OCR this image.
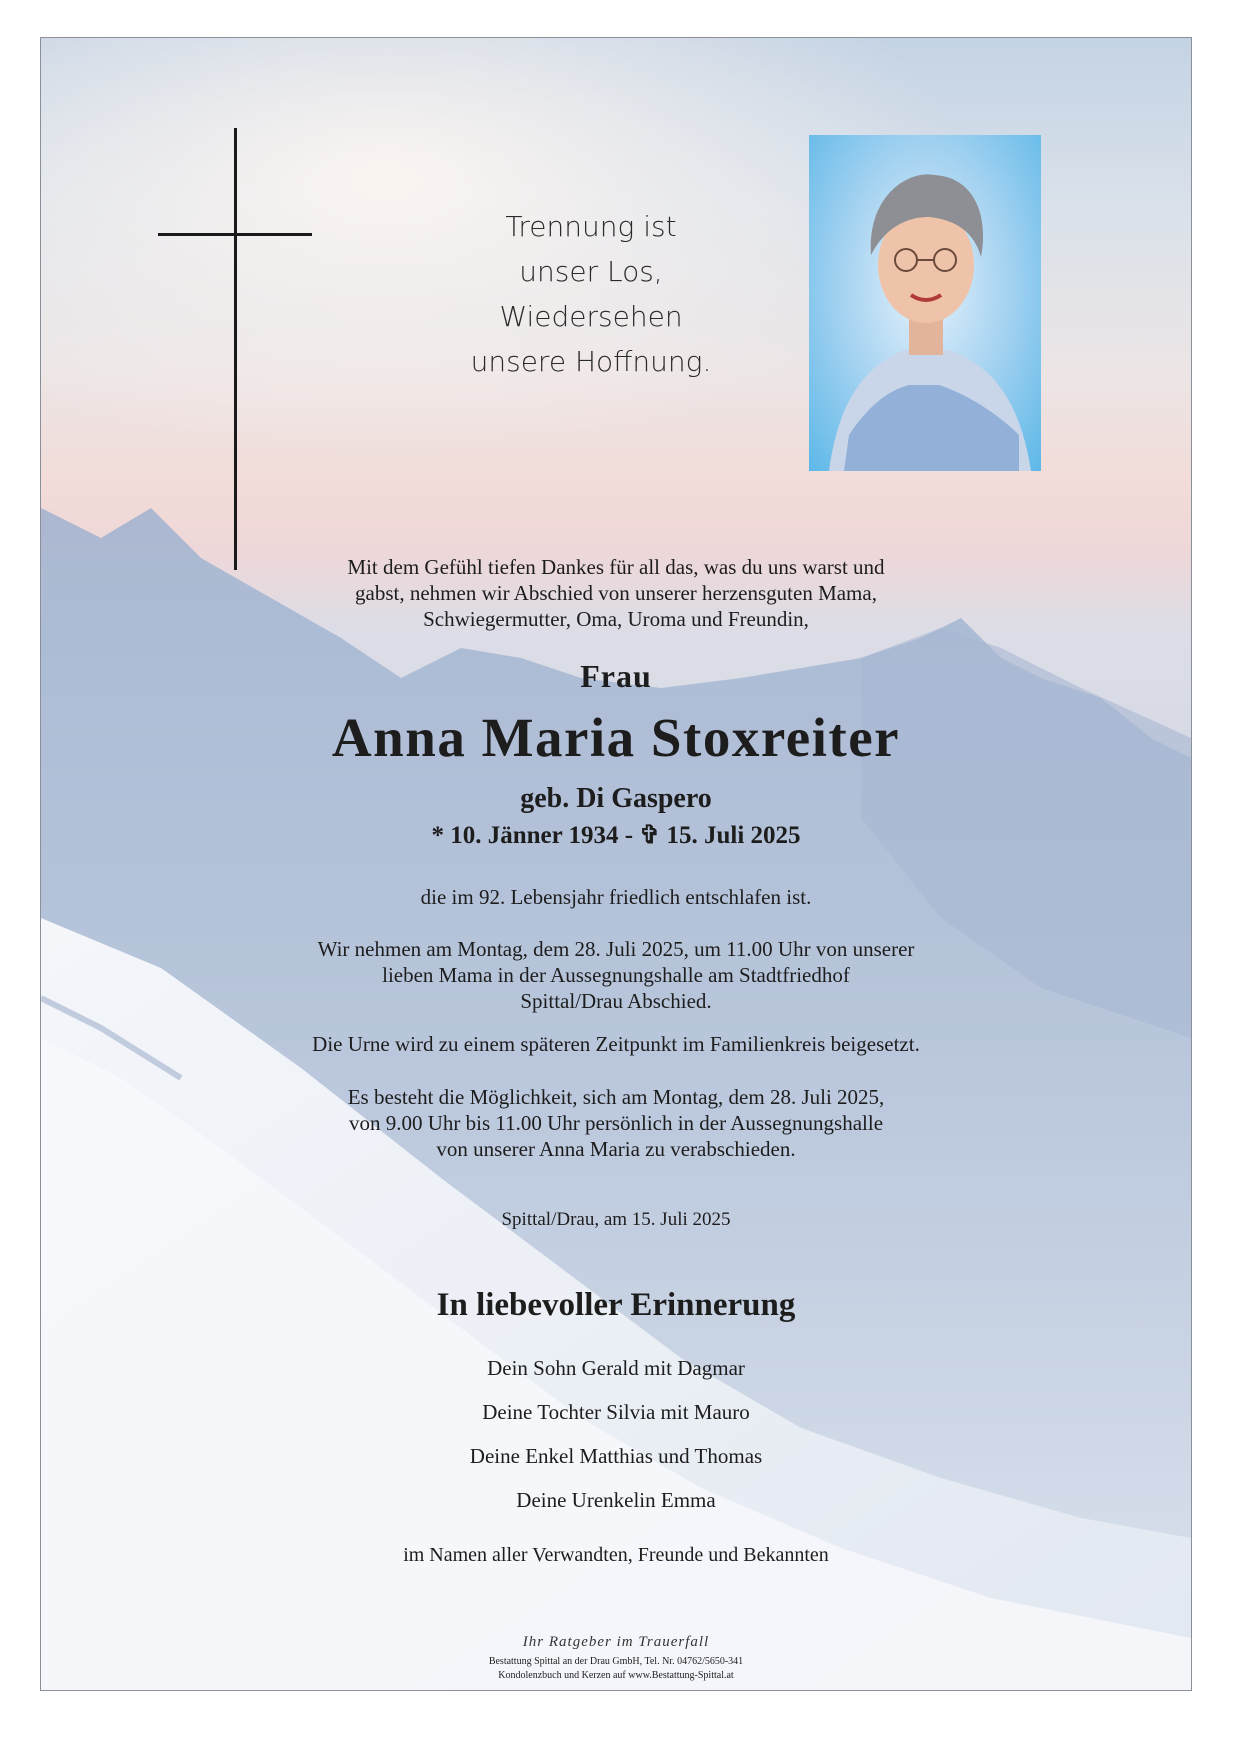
Trennung ist
unser Los,
Wiedersehen
unsere Hoffnung.
Mit dem Gefühl tiefen Dankes für all das, was du uns warst und
gabst, nehmen wir Abschied von unserer herzensguten Mama,
Schwiegermutter, Oma, Uroma und Freundin,
Frau
Anna Maria Stoxreiter
geb. Di Gaspero
* 10. Jänner 1934 - ✞ 15. Juli 2025
die im 92. Lebensjahr friedlich entschlafen ist.
Wir nehmen am Montag, dem 28. Juli 2025, um 11.00 Uhr von unserer
lieben Mama in der Aussegnungshalle am Stadtfriedhof
Spittal/Drau Abschied.
Die Urne wird zu einem späteren Zeitpunkt im Familienkreis beigesetzt.
Es besteht die Möglichkeit, sich am Montag, dem 28. Juli 2025,
von 9.00 Uhr bis 11.00 Uhr persönlich in der Aussegnungshalle
von unserer Anna Maria zu verabschieden.
Spittal/Drau, am 15. Juli 2025
In liebevoller Erinnerung
Dein Sohn Gerald mit Dagmar
Deine Tochter Silvia mit Mauro
Deine Enkel Matthias und Thomas
Deine Urenkelin Emma
im Namen aller Verwandten, Freunde und Bekannten
Ihr Ratgeber im Trauerfall
Bestattung Spittal an der Drau GmbH, Tel. Nr. 04762/5650-341
Kondolenzbuch und Kerzen auf www.Bestattung-Spittal.at
